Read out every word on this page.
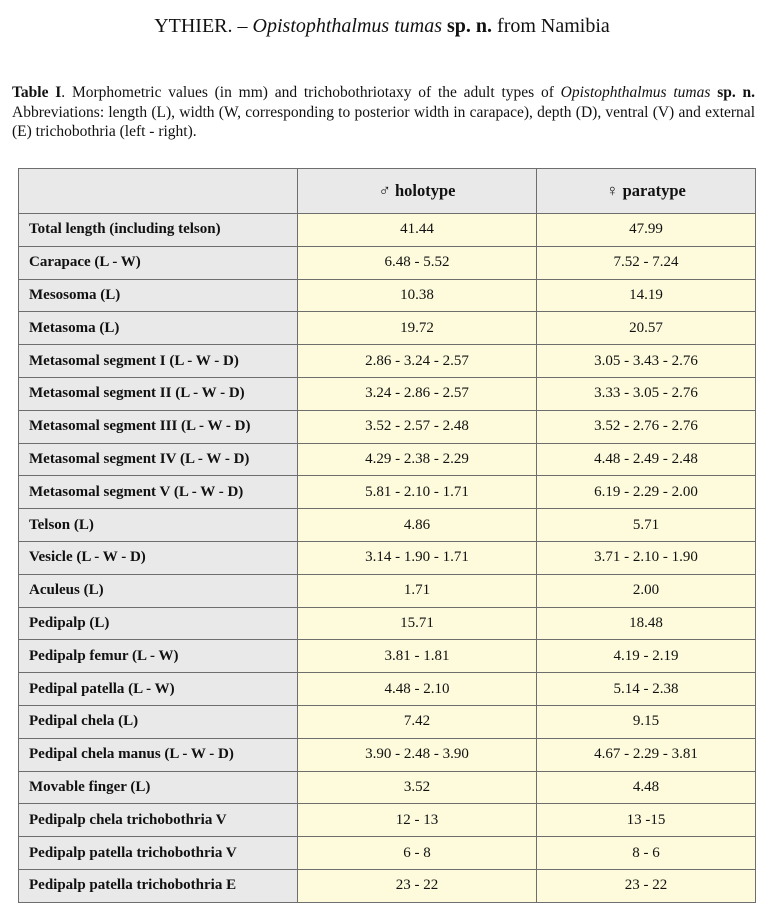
YTHIER. – Opistophthalmus tumas sp. n. from Namibia
Table I. Morphometric values (in mm) and trichobothriotaxy of the adult types of Opistophthalmus tumas sp. n. Abbreviations: length (L), width (W, corresponding to posterior width in carapace), depth (D), ventral (V) and external (E) trichobothria (left - right).
	♂ holotype	♀ paratype
Total length (including telson)	41.44	47.99
Carapace (L - W)	6.48 - 5.52	7.52 - 7.24
Mesosoma (L)	10.38	14.19
Metasoma (L)	19.72	20.57
Metasomal segment I (L - W - D)	2.86 - 3.24 - 2.57	3.05 - 3.43 - 2.76
Metasomal segment II (L - W - D)	3.24 - 2.86 - 2.57	3.33 - 3.05 - 2.76
Metasomal segment III (L - W - D)	3.52 - 2.57 - 2.48	3.52 - 2.76 - 2.76
Metasomal segment IV (L - W - D)	4.29 - 2.38 - 2.29	4.48 - 2.49 - 2.48
Metasomal segment V (L - W - D)	5.81 - 2.10 - 1.71	6.19 - 2.29 - 2.00
Telson (L)	4.86	5.71
Vesicle (L - W - D)	3.14 - 1.90 - 1.71	3.71 - 2.10 - 1.90
Aculeus (L)	1.71	2.00
Pedipalp (L)	15.71	18.48
Pedipalp femur (L - W)	3.81 - 1.81	4.19 - 2.19
Pedipal patella (L - W)	4.48 - 2.10	5.14 - 2.38
Pedipal chela (L)	7.42	9.15
Pedipal chela manus (L - W - D)	3.90 - 2.48 - 3.90	4.67 - 2.29 - 3.81
Movable finger (L)	3.52	4.48
Pedipalp chela trichobothria V	12 - 13	13 -15
Pedipalp patella trichobothria V	6 - 8	8 - 6
Pedipalp patella trichobothria E	23 - 22	23 - 22
